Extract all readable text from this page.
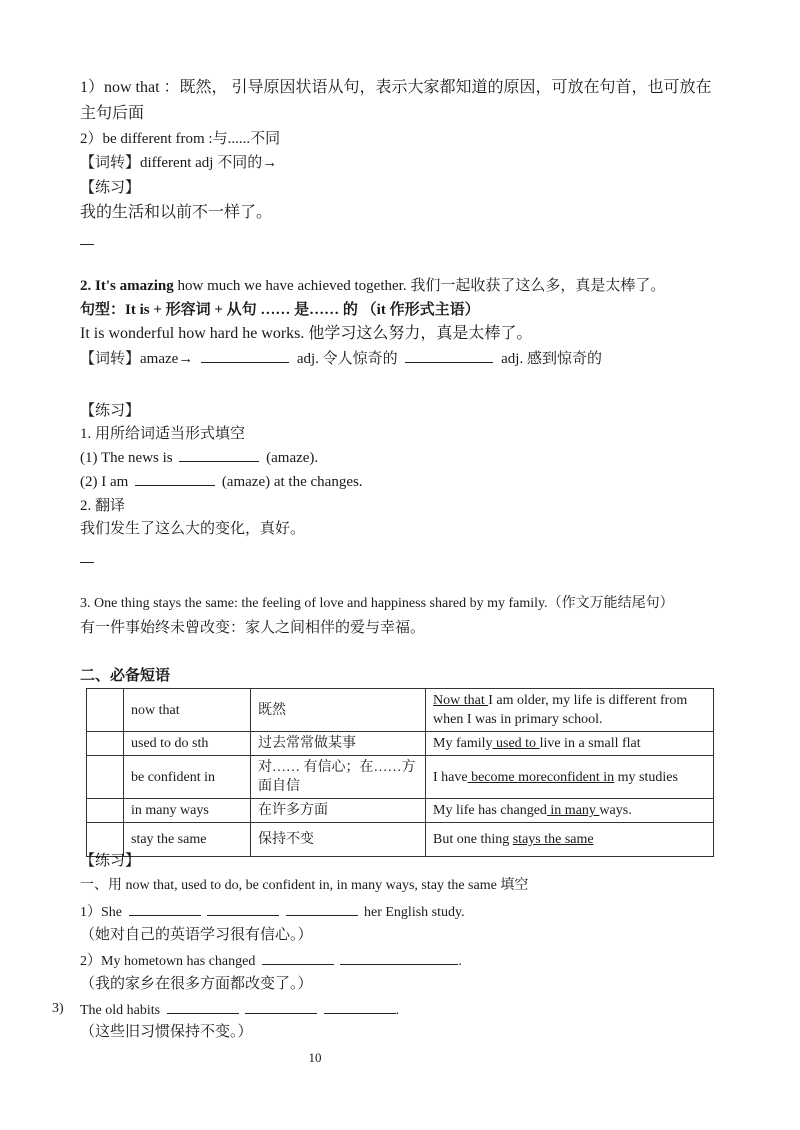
1）now that ：既然， 引导原因状语从句，表示大家都知道的原因，可放在句首，也可放在
主句后面
2）be different from :与......不同
【词转】different adj 不同的→
【练习】
我的生活和以前不一样了。
2. It's amazing how much we have achieved together. 我们一起收获了这么多，真是太棒了。
句型：It is + 形容词 + 从句 …… 是…… 的 （it 作形式主语）
It is wonderful how hard he works. 他学习这么努力，真是太棒了。
【词转】amaze→	adj. 令人惊奇的	adj. 感到惊奇的
【练习】
1. 用所给词适当形式填空
(1) The news is	(amaze).
(2) I am	(amaze) at the changes.
2. 翻译
我们发生了这么大的变化，真好。
3. One thing stays the same: the feeling of love and happiness shared by my family.（作文万能结尾句）
有一件事始终未曾改变：家人之间相伴的爱与幸福。
二、必备短语
	now that	既然	Now that I am older, my life is different from when I was in primary school.
	used to do sth	过去常常做某事	My family used to live in a small flat
	be confident in	对…… 有信心；在……方面自信	I have become moreconfident in my studies
	in many ways	在许多方面	My life has changed in many ways.
	stay the same	保持不变	But one thing stays the same
【练习】
一、用 now that, used to do, be confident in, in many ways, stay the same 填空
1）She	her English study.
（她对自己的英语学习很有信心。）
2）My hometown has changed	.
（我的家乡在很多方面都改变了。）
3) The old habits	.
（这些旧习惯保持不变。）
10
